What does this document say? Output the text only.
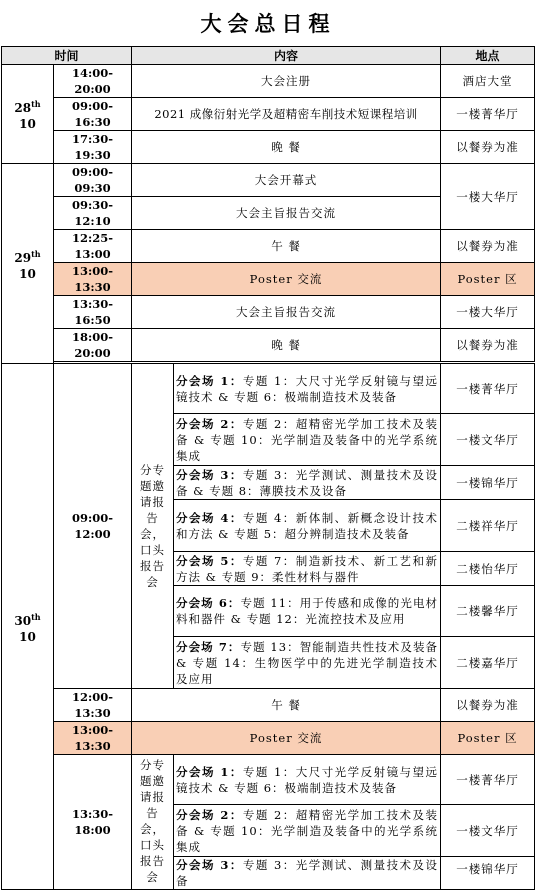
大会总日程
时间		内容		地点
28th 10	14:00-20:00	大会注册		酒店大堂
	09:00-16:30	2021 成像衍射光学及超精密车削技术短课程培训		一楼菁华厅
	17:30-19:30	晚 餐		以餐券为准
29th 10	09:00-09:30	大会开幕式		一楼大华厅
	09:30-12:10	大会主旨报告交流		
	12:25-13:00	午 餐		以餐券为准
	13:00-13:30	Poster 交流		Poster 区
	13:30-16:50	大会主旨报告交流		一楼大华厅
	18:00-20:00	晚 餐		以餐券为准

30th 10	09:00-12:00	分专题邀请报告会，口头报告会	分会场 1：专题 1：大尺寸光学反射镜与望远镜技术 & 专题 6：极端制造技术及装备	一楼菁华厅
			分会场 2：专题 2：超精密光学加工技术及装备 & 专题 10：光学制造及装备中的光学系统集成	一楼文华厅
			分会场 3：专题 3：光学测试、测量技术及设备 & 专题 8：薄膜技术及设备	一楼锦华厅
			分会场 4：专题 4：新体制、新概念设计技术和方法 & 专题 5：超分辨制造技术及装备	二楼祥华厅
			分会场 5：专题 7：制造新技术、新工艺和新方法 & 专题 9：柔性材料与器件	二楼怡华厅
			分会场 6：专题 11：用于传感和成像的光电材料和器件 & 专题 12：光流控技术及应用	二楼馨华厅
			分会场 7：专题 13：智能制造共性技术及装备 & 专题 14：生物医学中的先进光学制造技术及应用	二楼嘉华厅
	12:00-13:30	午 餐		以餐券为准
	13:00-13:30	Poster 交流		Poster 区
	13:30-18:00	分专题邀请报告会，口头报告会	分会场 1：专题 1：大尺寸光学反射镜与望远镜技术 & 专题 6：极端制造技术及装备	一楼菁华厅
			分会场 2：专题 2：超精密光学加工技术及装备 & 专题 10：光学制造及装备中的光学系统集成	一楼文华厅
			分会场 3：专题 3：光学测试、测量技术及设备	一楼锦华厅
